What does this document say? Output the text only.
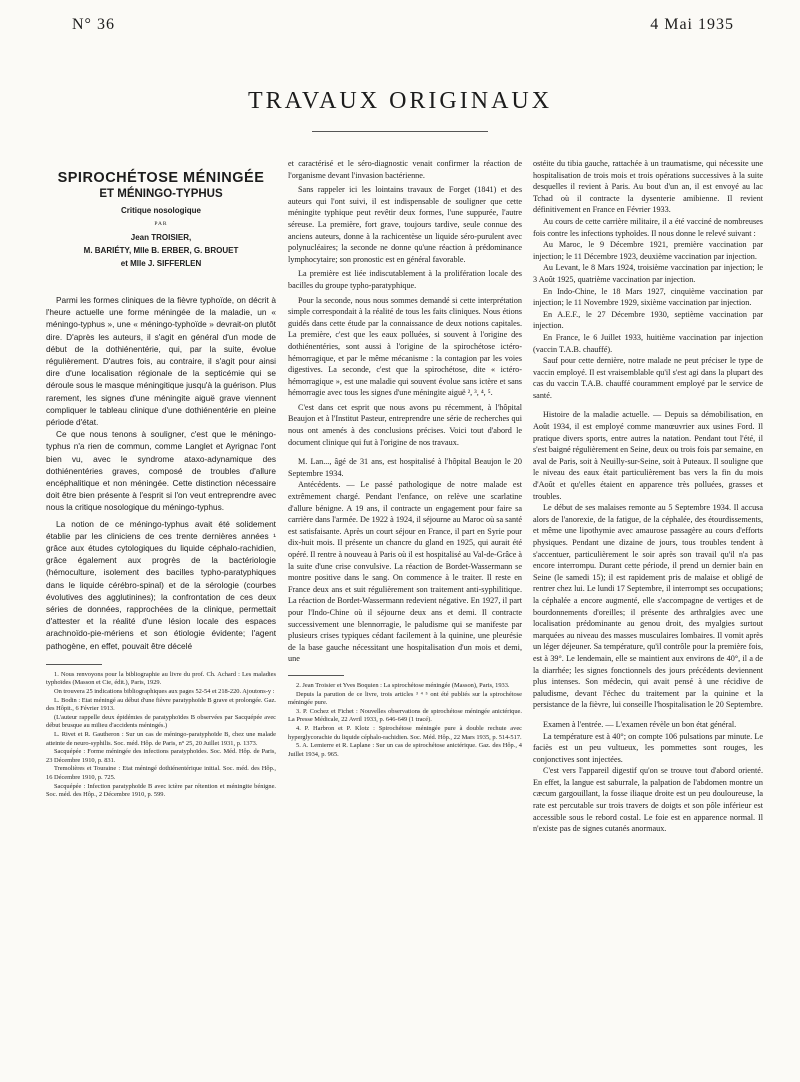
N° 36	4 Mai 1935
TRAVAUX ORIGINAUX
SPIROCHÉTOSE MÉNINGÉE
ET MÉNINGO-TYPHUS
Critique nosologique
PAR
Jean TROISIER,
M. BARIÉTY, Mlle B. ERBER, G. BROUET
et Mlle J. SIFFERLEN

Parmi les formes cliniques de la fièvre typhoïde, on décrit à l'heure actuelle une forme méningée de la maladie, un « méningo-typhus », une « méningo-typhoïde » devrait-on plutôt dire. D'après les auteurs, il s'agit en général d'un mode de début de la dothiénentérie, qui, par la suite, évolue régulièrement. D'autres fois, au contraire, il s'agit pour ainsi dire d'une localisation régionale de la septicémie qui se déroule sous le masque méningitique jusqu'à la guérison. Plus rarement, les signes d'une méningite aiguë grave viennent compliquer le tableau clinique d'une dothiénentérie en pleine période d'état.

Ce que nous tenons à souligner, c'est que le méningo-typhus n'a rien de commun, comme Langlet et Ayrignac l'ont bien vu, avec le syndrome ataxo-adynamique des dothiénentéries graves, composé de troubles d'allure encéphalitique et non méningée. Cette distinction nécessaire doit être bien présente à l'esprit si l'on veut entreprendre avec nous la critique nosologique du méningo-typhus.

La notion de ce méningo-typhus avait été solidement établie par les cliniciens de ces trente dernières années ¹ grâce aux études cytologiques du liquide céphalo-rachidien, grâce également aux progrès de la bactériologie (hémoculture, isolement des bacilles typho-paratyphiques dans le liquide cérébro-spinal) et de la sérologie (courbes évolutives des agglutinines); la confrontation de ces deux séries de données, rapprochées de la clinique, permettait d'attester et la réalité d'une lésion locale des espaces arachnoïdo-pie-mériens et son étiologie évidente; l'agent pathogène, en effet, pouvait être décelé

1. Nous renvoyons pour la bibliographie au livre du prof. Ch. Achard : Les maladies typhoïdes (Masson et Cie, édit.), Paris, 1929.

On trouvera 25 indications bibliographiques aux pages 52-54 et 218-220. Ajoutons-y :

L. Bodin : Etat méningé au début d'une fièvre paratyphoïde B grave et prolongée. Gaz. des Hôpit., 6 Février 1913.

(L'auteur rappelle deux épidémies de paratyphoïdes B observées par Sacquépée avec début brusque au milieu d'accidents méningés.)

L. Rivet et R. Gautheron : Sur un cas de méningo-paratyphoïde B, chez une malade atteinte de neuro-syphilis. Soc. méd. Hôp. de Paris, n° 25, 20 Juillet 1931, p. 1373.

Sacquépée : Forme méningée des infections paratyphoïdes. Soc. Méd. Hôp. de Paris, 23 Décembre 1910, p. 831.

Tremolières et Touraine : Etat méningé dothiénentérique initial. Soc. méd. des Hôp., 16 Décembre 1910, p. 725.

Sacquépée : Infection paratyphoïde B avec ictère par rétention et méningite bénigne. Soc. méd. des Hôp., 2 Décembre 1910, p. 599.

et caractérisé et le séro-diagnostic venait confirmer la réaction de l'organisme devant l'invasion bactérienne.

Sans rappeler ici les lointains travaux de Forget (1841) et des auteurs qui l'ont suivi, il est indispensable de souligner que cette méningite typhique peut revêtir deux formes, l'une suppurée, l'autre séreuse. La première, fort grave, toujours tardive, seule connue des anciens auteurs, donne à la rachicentèse un liquide séro-purulent avec polynucléaires; la seconde ne donne qu'une réaction à prédominance lymphocytaire; son pronostic est en général favorable.

La première est liée indiscutablement à la prolifération locale des bacilles du groupe typho-paratyphique.

Pour la seconde, nous nous sommes demandé si cette interprétation simple correspondait à la réalité de tous les faits cliniques. Nous étions guidés dans cette étude par la connaissance de deux notions capitales. La première, c'est que les eaux polluées, si souvent à l'origine des dothiénentéries, sont aussi à l'origine de la spirochétose ictéro-hémorragique, et par le même mécanisme : la contagion par les voies digestives. La seconde, c'est que la spirochétose, dite « ictéro-hémorragique », est une maladie qui souvent évolue sans ictère et sans hémorragie avec tous les signes d'une méningite aiguë ², ³, ⁴, ⁵.

C'est dans cet esprit que nous avons pu récemment, à l'hôpital Beaujon et à l'Institut Pasteur, entreprendre une série de recherches qui nous ont amenés à des conclusions précises. Voici tout d'abord le document clinique qui fut à l'origine de nos travaux.

M. Lan..., âgé de 31 ans, est hospitalisé à l'hôpital Beaujon le 20 Septembre 1934.

Antécédents. — Le passé pathologique de notre malade est extrêmement chargé. Pendant l'enfance, on relève une scarlatine d'allure bénigne. A 19 ans, il contracte un engagement pour faire sa carrière dans l'armée. De 1922 à 1924, il séjourne au Maroc où sa santé est satisfaisante. Après un court séjour en France, il part en Syrie pour dix-huit mois. Il présente un chancre du gland en 1925, qui aurait été opéré. Il rentre à nouveau à Paris où il est hospitalisé au Val-de-Grâce à la suite d'une crise convulsive. La réaction de Bordet-Wassermann se montre positive dans le sang. On commence à le traiter. Il reste en France deux ans et suit régulièrement son traitement anti-syphilitique. La réaction de Bordet-Wassermann redevient négative. En 1927, il part pour l'Indo-Chine où il séjourne deux ans et demi. Il contracte successivement une blennorragie, le paludisme qui se manifeste par plusieurs crises typiques cédant facilement à la quinine, une pleurésie de la base gauche nécessitant une hospitalisation d'un mois et demi, une

2. Jean Troisier et Yves Boquien : La spirochétose méningée (Masson), Paris, 1933.

Depuis la parution de ce livre, trois articles ³ ⁴ ⁵ ont été publiés sur la spirochétose méningée pure.

3. P. Cochez et Fichet : Nouvelles observations de spirochétose méningée anictérique. La Presse Médicale, 22 Avril 1933, p. 646-649 (1 tracé).

4. P. Harbron et P. Klotz : Spirochétose méningée pure à double rechute avec hyperglycorachie du liquide céphalo-rachidien. Soc. Méd. Hôp., 22 Mars 1935, p. 514-517.

5. A. Lemierre et R. Laplane : Sur un cas de spirochétose anictérique. Gaz. des Hôp., 4 Juillet 1934, p. 965.

ostéite du tibia gauche, rattachée à un traumatisme, qui nécessite une hospitalisation de trois mois et trois opérations successives à la suite desquelles il revient à Paris. Au bout d'un an, il est envoyé au lac Tchad où il contracte la dysenterie amibienne. Il revient définitivement en France en Février 1933.

Au cours de cette carrière militaire, il a été vacciné de nombreuses fois contre les infections typhoïdes. Il nous donne le relevé suivant :

Au Maroc, le 9 Décembre 1921, première vaccination par injection; le 11 Décembre 1923, deuxième vaccination par injection.

Au Levant, le 8 Mars 1924, troisième vaccination par injection; le 3 Août 1925, quatrième vaccination par injection.

En Indo-Chine, le 18 Mars 1927, cinquième vaccination par injection; le 11 Novembre 1929, sixième vaccination par injection.

En A.E.F., le 27 Décembre 1930, septième vaccination par injection.

En France, le 6 Juillet 1933, huitième vaccination par injection (vaccin T.A.B. chauffé).

Sauf pour cette dernière, notre malade ne peut préciser le type de vaccin employé. Il est vraisemblable qu'il s'est agi dans la plupart des cas du vaccin T.A.B. chauffé couramment employé par le service de santé.

Histoire de la maladie actuelle. — Depuis sa démobilisation, en Août 1934, il est employé comme manœuvrier aux usines Ford. Il pratique divers sports, entre autres la natation. Pendant tout l'été, il s'est baigné régulièrement en Seine, deux ou trois fois par semaine, en aval de Paris, soit à Neuilly-sur-Seine, soit à Puteaux. Il souligne que le niveau des eaux était particulièrement bas vers la fin du mois d'Août et qu'elles étaient en apparence très polluées, grasses et troubles.

Le début de ses malaises remonte au 5 Septembre 1934. Il accusa alors de l'anorexie, de la fatigue, de la céphalée, des étourdissements, et même une lipothymie avec amaurose passagère au cours d'efforts physiques. Pendant une dizaine de jours, tous troubles tendent à s'accentuer, particulièrement le soir après son travail qu'il n'a pas encore interrompu. Durant cette période, il prend un dernier bain en Seine (le samedi 15); il est rapidement pris de malaise et obligé de rentrer chez lui. Le lundi 17 Septembre, il interrompt ses occupations; la céphalée a encore augmenté, elle s'accompagne de vertiges et de bourdonnements d'oreilles; il présente des arthralgies avec une localisation prédominante au genou droit, des myalgies surtout marquées au niveau des masses musculaires lombaires. Il vomit après un léger déjeuner. Sa température, qu'il contrôle pour la première fois, est à 39°. Le lendemain, elle se maintient aux environs de 40°, il a de la diarrhée; les signes fonctionnels des jours précédents deviennent plus intenses. Son médecin, qui avait pensé à une récidive de paludisme, devant l'échec du traitement par la quinine et la persistance de la fièvre, lui conseille l'hospitalisation le 20 Septembre.

Examen à l'entrée. — L'examen révèle un bon état général.

La température est à 40°; on compte 106 pulsations par minute. Le faciès est un peu vultueux, les pommettes sont rouges, les conjonctives sont injectées.

C'est vers l'appareil digestif qu'on se trouve tout d'abord orienté. En effet, la langue est saburrale, la palpation de l'abdomen montre un cæcum gargouillant, la fosse iliaque droite est un peu douloureuse, la rate est percutable sur trois travers de doigts et son pôle inférieur est accessible sous le rebord costal. Le foie est en apparence normal. Il n'existe pas de signes cutanés anormaux.
